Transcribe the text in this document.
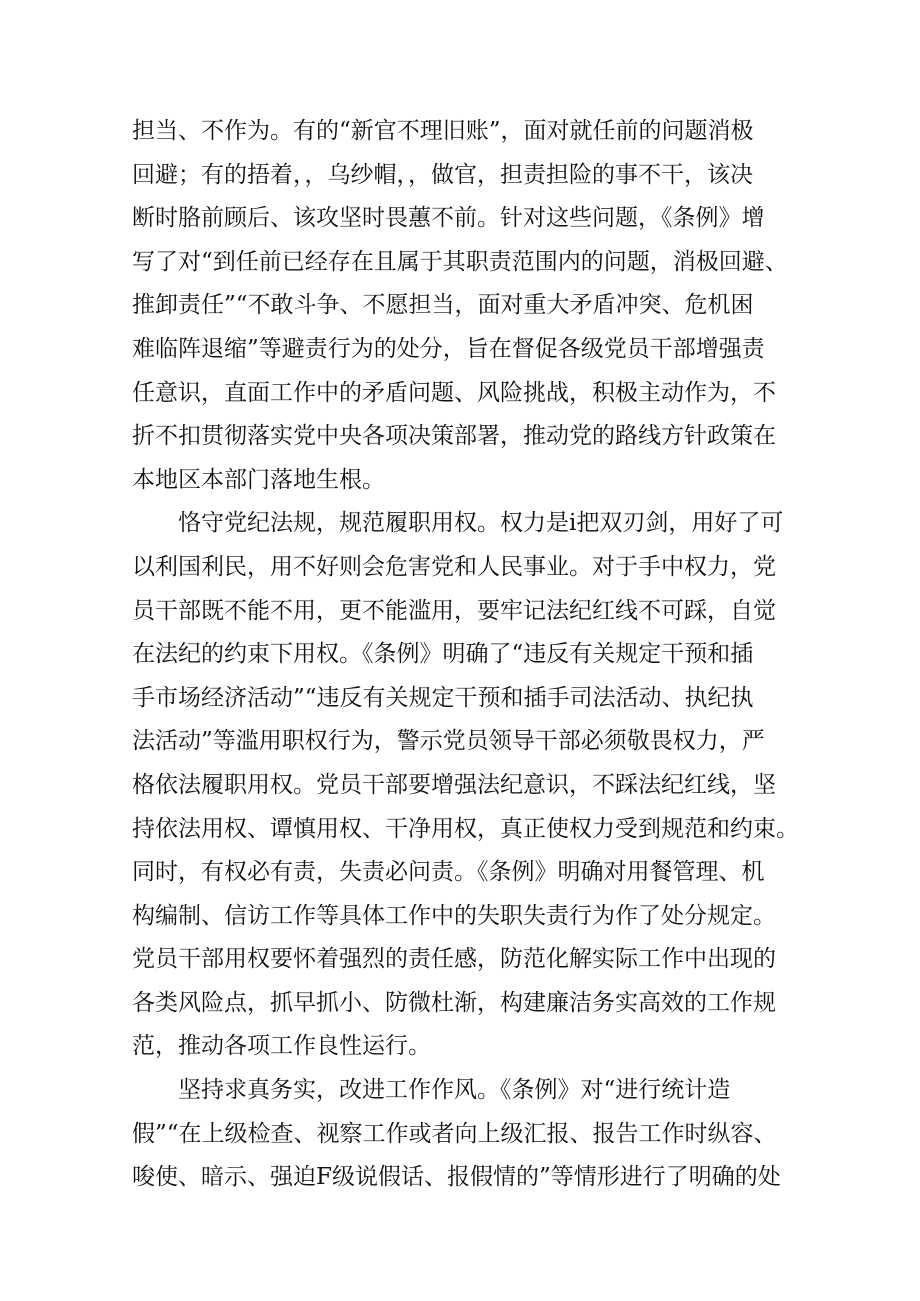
担当、不作为。有的“新官不理旧账”，面对就任前的问题消极
回避；有的捂着，，乌纱帽，，做官，担责担险的事不干，该决
断时胳前顾后、该攻坚时畏蕙不前。针对这些问题，《条例》增
写了对“到任前已经存在且属于其职责范围内的问题，消极回避、
推卸责任”“不敢斗争、不愿担当，面对重大矛盾冲突、危机困
难临阵退缩”等避责行为的处分，旨在督促各级党员干部增强责
任意识，直面工作中的矛盾问题、风险挑战，积极主动作为，不
折不扣贯彻落实党中央各项决策部署，推动党的路线方针政策在
本地区本部门落地生根。
恪守党纪法规，规范履职用权。权力是i把双刃剑，用好了可
以利国利民，用不好则会危害党和人民事业。对于手中权力，党
员干部既不能不用，更不能滥用，要牢记法纪红线不可踩，自觉
在法纪的约束下用权。《条例》明确了“违反有关规定干预和插
手市场经济活动”“违反有关规定干预和插手司法活动、执纪执
法活动”等滥用职权行为，警示党员领导干部必须敬畏权力，严
格依法履职用权。党员干部要增强法纪意识，不踩法纪红线，坚
持依法用权、谭慎用权、干净用权，真正使权力受到规范和约束。
同时，有权必有责，失责必问责。《条例》明确对用餐管理、机
构编制、信访工作等具体工作中的失职失责行为作了处分规定。
党员干部用权要怀着强烈的责任感，防范化解实际工作中出现的
各类风险点，抓早抓小、防微杜渐，构建廉洁务实高效的工作规
范，推动各项工作良性运行。
坚持求真务实，改进工作作风。《条例》对“进行统计造
假”“在上级检查、视察工作或者向上级汇报、报告工作时纵容、
唆使、暗示、强迫F级说假话、报假情的”等情形进行了明确的处
